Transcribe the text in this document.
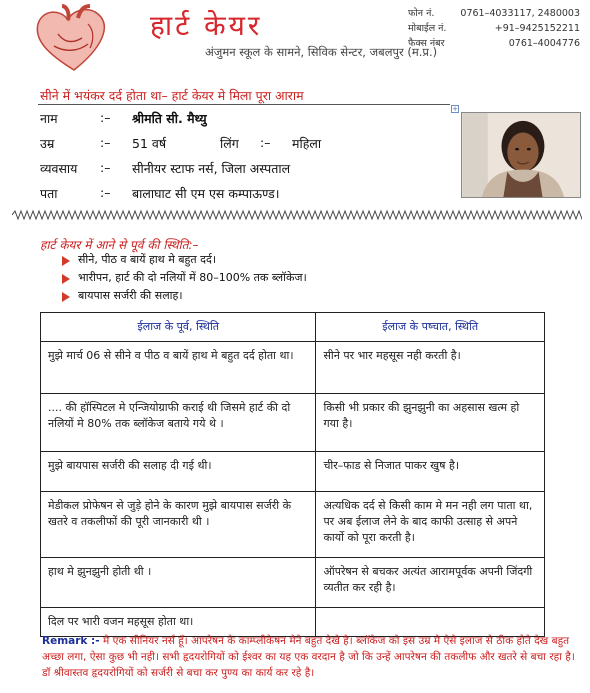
हार्ट केयर
अंजुमन स्कूल के सामने, सिविक सेन्टर, जबलपुर (म.प्र.)
फोन नं.	0761–4033117, 2480003
मोबाईल नं.	+91–9425152211
फैक्स नंबर	0761–4004776
सीने में भयंकर दर्द होता था– हार्ट केयर मे मिला पूरा आराम
नाम	:– श्रीमति सी. मैथ्यु
उम्र	:– 51 वर्ष	लिंग :– महिला
व्यवसाय :– सीनीयर स्टाफ नर्स, जिला अस्पताल
पता	:– बालाघाट सी एम एस कम्पाऊण्ड।
+
हार्ट केयर में आने से पूर्व की स्थिति:–
सीने, पीठ व बायें हाथ मे बहुत दर्द।
भारीपन, हार्ट की दो नलियों में 80–100% तक ब्लॉकेज।
बायपास सर्जरी की सलाह।
ईलाज के पूर्व, स्थिति	ईलाज के पष्चात, स्थिति
मुझे मार्च 06 से सीने व पीठ व बायें हाथ मे बहुत दर्द होता था।	सीने पर भार महसूस नही करती है।
.... की हॉस्पिटल मे एन्जियोग्राफी कराई थी जिसमे हार्ट की दो नलियों मे 80% तक ब्लॉकेज बताये गये थे ।	किसी भी प्रकार की झुनझुनी का अहसास खत्म हो गया है।
मुझे बायपास सर्जरी की सलाह दी गई थी।	चीर–फाड से निजात पाकर खुष है।
मेडीकल प्रोफेषन से जुड़े होने के कारण मुझे बायपास सर्जरी के खतरे व तकलीफों की पूरी जानकारी थी ।	अत्यधिक दर्द से किसी काम मे मन नही लग पाता था, पर अब ईलाज लेने के बाद काफी उत्साह से अपने कार्यो को पूरा करती है।
हाथ मे झुनझुनी होती थी ।	ऑपरेषन से बचकर अत्यंत आरामपूर्वक अपनी जिंदगी व्यतीत कर रही है।
दिल पर भारी वजन महसूस होता था।	
Remark :- मै एक सीनियर नर्स हूँ। आपरेषन के काम्प्लीकेषन मैने बहुत देखे है। ब्लॉकेज को इस उम्र मे ऐसे इलाज से ठीक होते देख बहुत अच्छा लगा, ऐसा कुछ भी नही। सभी हृदयरोगियों को ईश्वर का यह एक वरदान है जो कि उन्हें आपरेषन की तकलीफ और खतरे से बचा रहा है। डॉ श्रीवास्तव हृदयरोगियों को सर्जरी से बचा कर पुण्य का कार्य कर रहे है।
